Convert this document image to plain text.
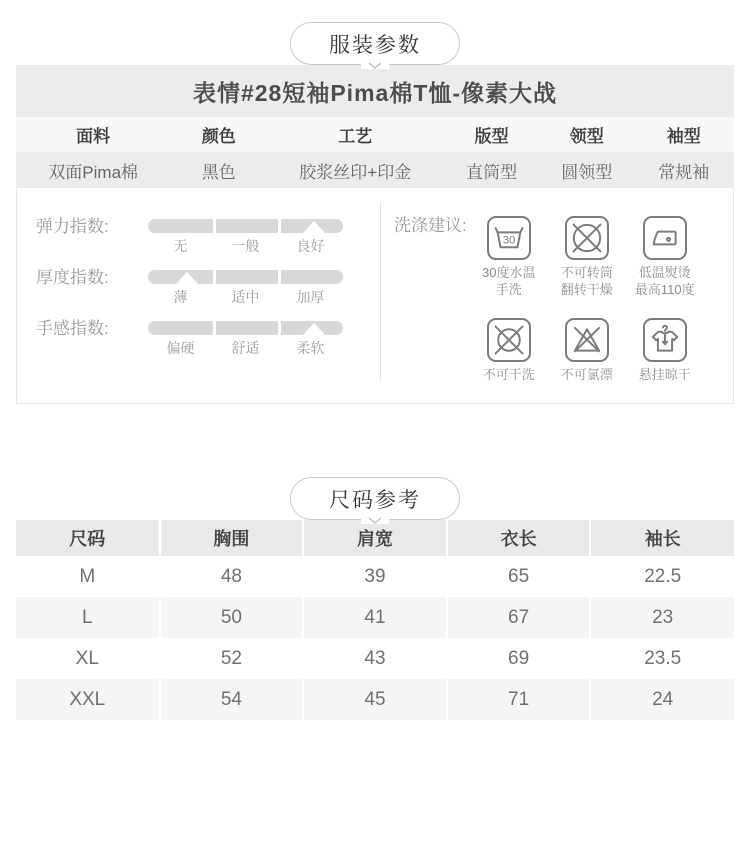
服装参数
表情#28短袖Pima棉T恤-像素大战
面料	颜色	工艺	版型	领型	袖型
双面Pima棉	黑色	胶浆丝印+印金	直筒型	圆领型	常规袖
弹力指数:
无	一般	良好
厚度指数:
薄	适中	加厚
手感指数:
偏硬	舒适	柔软
洗涤建议:
30
30度水温
手洗
不可转筒
翻转干燥
低温熨烫
最高110度
不可干洗 不可氯漂 悬挂晾干
尺码参考
尺码	胸围	肩宽	衣长	袖长
M	48	39	65	22.5
L	50	41	67	23
XL	52	43	69	23.5
XXL	54	45	71	24
